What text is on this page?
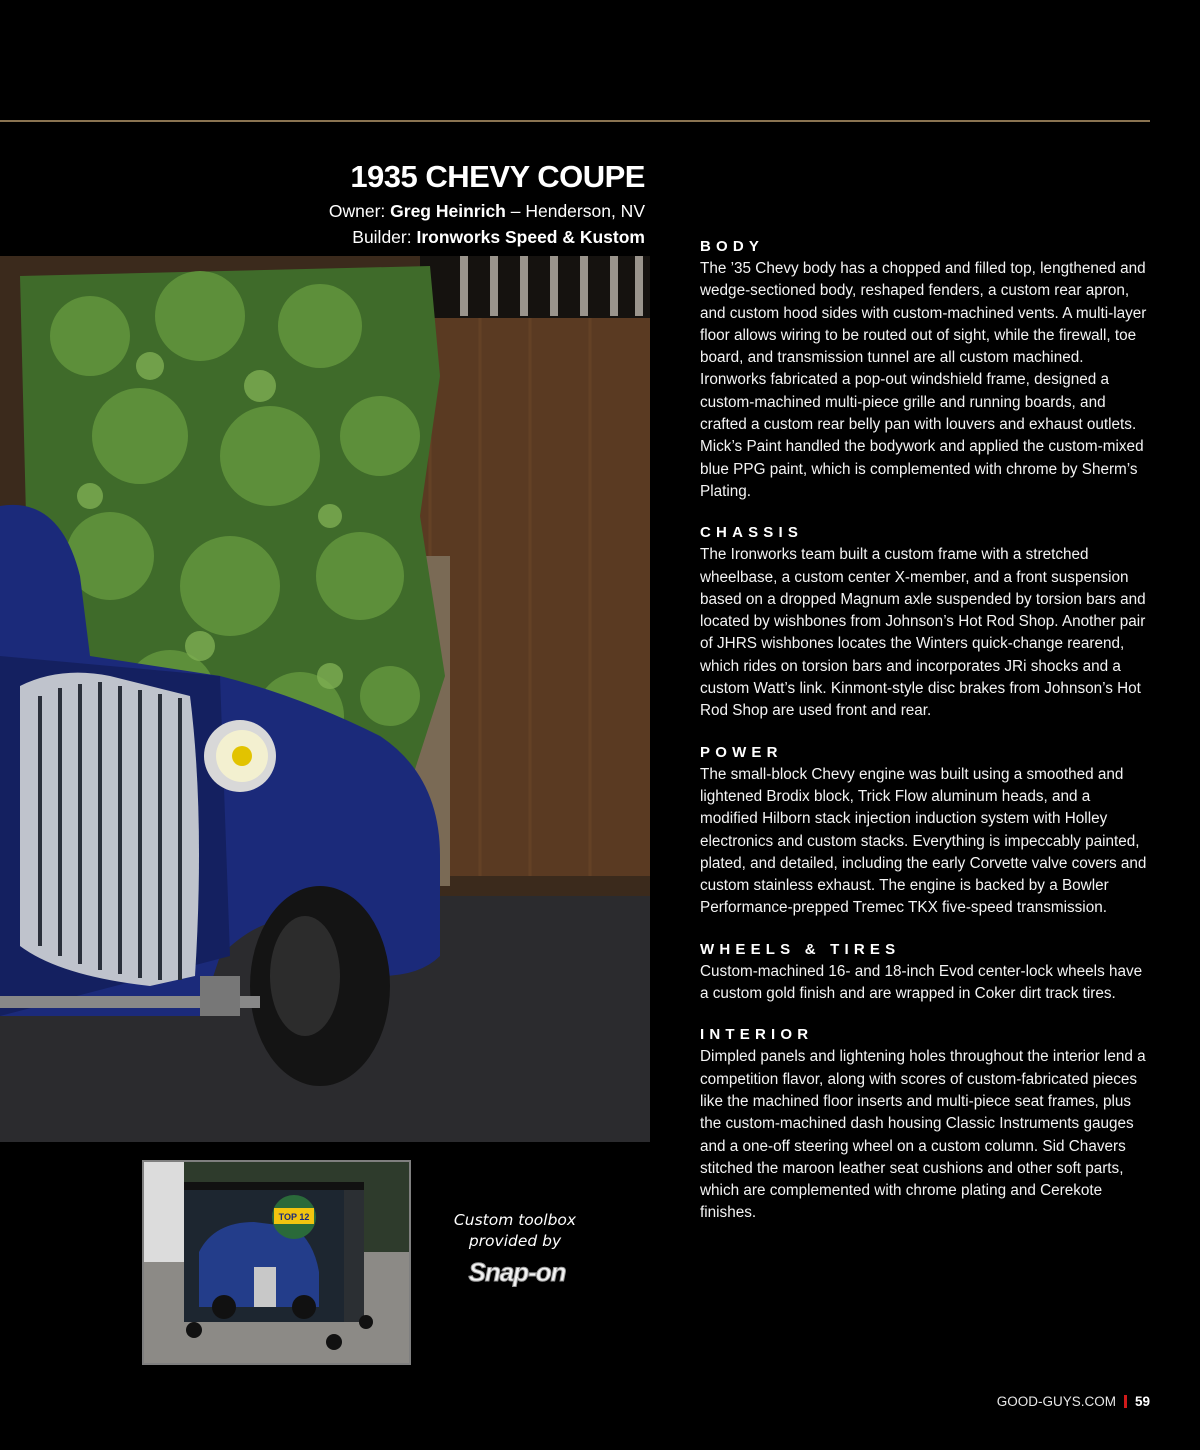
1935 CHEVY COUPE
Owner: Greg Heinrich – Henderson, NV
Builder: Ironworks Speed & Kustom
TOP 12	Custom toolbox provided by
Snap-on
BODY

The ’35 Chevy body has a chopped and filled top, lengthened and wedge-sectioned body, reshaped fenders, a custom rear apron, and custom hood sides with custom-machined vents. A multi-layer floor allows wiring to be routed out of sight, while the firewall, toe board, and transmission tunnel are all custom machined. Ironworks fabricated a pop-out windshield frame, designed a custom-machined multi-piece grille and running boards, and crafted a custom rear belly pan with louvers and exhaust outlets. Mick’s Paint handled the bodywork and applied the custom-mixed blue PPG paint, which is complemented with chrome by Sherm’s Plating.

CHASSIS

The Ironworks team built a custom frame with a stretched wheelbase, a custom center X-member, and a front suspension based on a dropped Magnum axle suspended by torsion bars and located by wishbones from Johnson’s Hot Rod Shop. Another pair of JHRS wishbones locates the Winters quick-change rearend, which rides on torsion bars and incorporates JRi shocks and a custom Watt’s link. Kinmont-style disc brakes from Johnson’s Hot Rod Shop are used front and rear.

POWER

The small-block Chevy engine was built using a smoothed and lightened Brodix block, Trick Flow aluminum heads, and a modified Hilborn stack injection induction system with Holley electronics and custom stacks. Everything is impeccably painted, plated, and detailed, including the early Corvette valve covers and custom stainless exhaust. The engine is backed by a Bowler Performance-prepped Tremec TKX five-speed transmission.

WHEELS & TIRES

Custom-machined 16- and 18-inch Evod center-lock wheels have a custom gold finish and are wrapped in Coker dirt track tires.

INTERIOR

Dimpled panels and lightening holes throughout the interior lend a competition flavor, along with scores of custom-fabricated pieces like the machined floor inserts and multi-piece seat frames, plus the custom-machined dash housing Classic Instruments gauges and a one-off steering wheel on a custom column. Sid Chavers stitched the maroon leather seat cushions and other soft parts, which are complemented with chrome plating and Cerekote finishes.

GOOD-GUYS.COM 59
